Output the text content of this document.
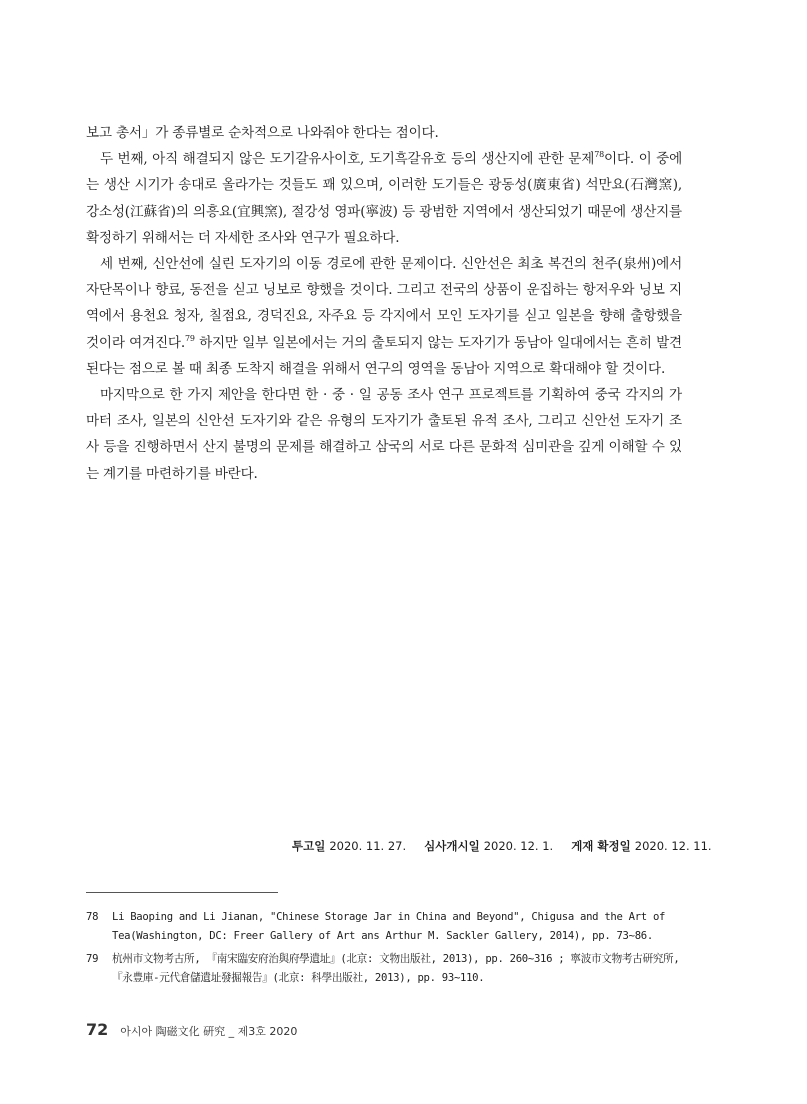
보고 총서」가 종류별로 순차적으로 나와줘야 한다는 점이다.

두 번째, 아직 해결되지 않은 도기갈유사이호, 도기흑갈유호 등의 생산지에 관한 문제$^{78}$이다. 이 중에는 생산 시기가 송대로 올라가는 것들도 꽤 있으며, 이러한 도기들은 광동성(廣東省) 석만요(石灣窯), 강소성(江蘇省)의 의흥요(宜興窯), 절강성 영파(寧波) 등 광범한 지역에서 생산되었기 때문에 생산지를 확정하기 위해서는 더 자세한 조사와 연구가 필요하다.

세 번째, 신안선에 실린 도자기의 이동 경로에 관한 문제이다. 신안선은 최초 복건의 천주(泉州)에서 자단목이나 향료, 동전을 싣고 닝보로 향했을 것이다. 그리고 전국의 상품이 운집하는 항저우와 닝보 지역에서 용천요 청자, 칠점요, 경덕진요, 자주요 등 각지에서 모인 도자기를 싣고 일본을 향해 출항했을 것이라 여겨진다.$^{79}$ 하지만 일부 일본에서는 거의 출토되지 않는 도자기가 동남아 일대에서는 흔히 발견된다는 점으로 볼 때 최종 도착지 해결을 위해서 연구의 영역을 동남아 지역으로 확대해야 할 것이다.

마지막으로 한 가지 제안을 한다면 한 · 중 · 일 공동 조사 연구 프로젝트를 기획하여 중국 각지의 가마터 조사, 일본의 신안선 도자기와 같은 유형의 도자기가 출토된 유적 조사, 그리고 신안선 도자기 조사 등을 진행하면서 산지 불명의 문제를 해결하고 삼국의 서로 다른 문화적 심미관을 깊게 이해할 수 있는 계기를 마련하기를 바란다.

투고일 2020. 11. 27. 심사개시일 2020. 12. 1. 게재 확정일 2020. 12. 11.
78	Li Baoping and Li Jianan, "Chinese Storage Jar in China and Beyond", Chigusa and the Art of
Tea(Washington, DC: Freer Gallery of Art ans Arthur M. Sackler Gallery, 2014), pp. 73~86.
79	杭州市文物考古所, 『南宋臨安府治與府學遺址』(北京: 文物出版社, 2013), pp. 260~316 ; 寧波市文物考古研究所,
『永豊庫-元代倉儲遺址發掘報告』(北京: 科學出版社, 2013), pp. 93~110.
72 아시아 陶磁文化 硏究 _ 제3호 2020
